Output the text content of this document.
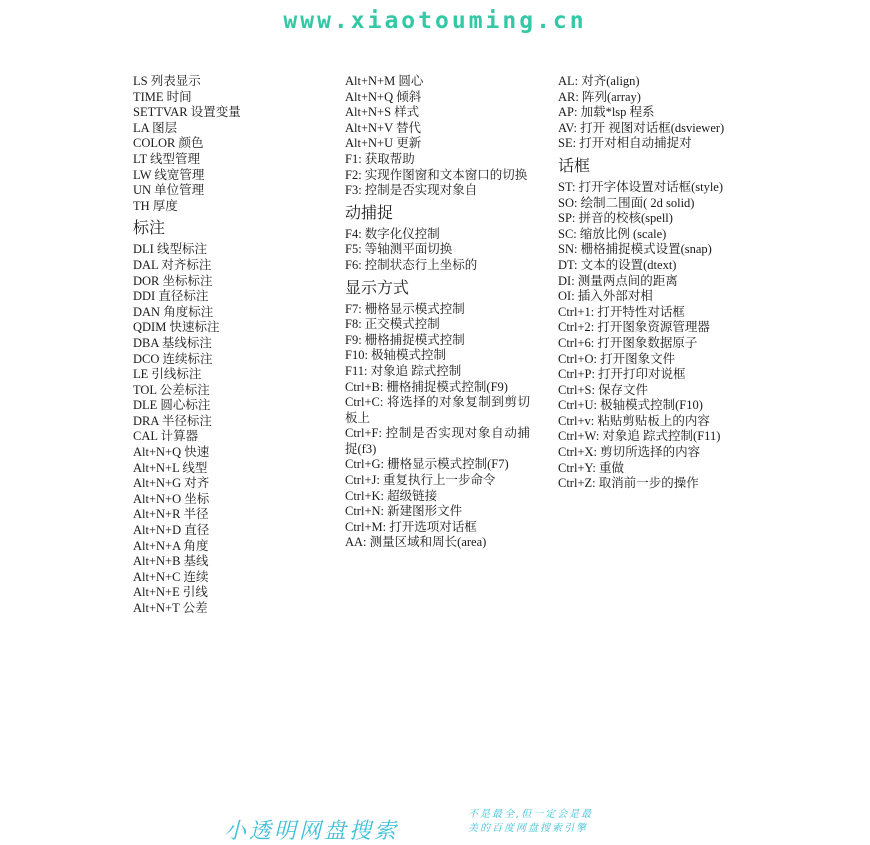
www.xiaotouming.cn
LS 列表显示
TIME 时间
SETTVAR 设置变量
LA 图层
COLOR 颜色
LT 线型管理
LW 线宽管理
UN 单位管理
TH 厚度
标注
DLI 线型标注
DAL 对齐标注
DOR 坐标标注
DDI 直径标注
DAN 角度标注
QDIM 快速标注
DBA 基线标注
DCO 连续标注
LE 引线标注
TOL 公差标注
DLE 圆心标注
DRA 半径标注
CAL 计算器
Alt+N+Q 快速
Alt+N+L 线型
Alt+N+G 对齐
Alt+N+O 坐标
Alt+N+R 半径
Alt+N+D 直径
Alt+N+A 角度
Alt+N+B 基线
Alt+N+C 连续
Alt+N+E 引线
Alt+N+T 公差
Alt+N+M 圆心
Alt+N+Q 倾斜
Alt+N+S 样式
Alt+N+V 替代
Alt+N+U 更新
F1: 获取帮助
F2: 实现作图窗和文本窗口的切换
F3: 控制是否实现对象自
动捕捉
F4: 数字化仪控制
F5: 等轴测平面切换
F6: 控制状态行上坐标的
显示方式
F7: 栅格显示模式控制
F8: 正交模式控制
F9: 栅格捕捉模式控制
F10: 极轴模式控制
F11: 对象追 踪式控制
Ctrl+B: 栅格捕捉模式控制(F9)
Ctrl+C: 将选择的对象复制到剪切板上
Ctrl+F: 控制是否实现对象自动捕捉(f3)
Ctrl+G: 栅格显示模式控制(F7)
Ctrl+J: 重复执行上一步命令
Ctrl+K: 超级链接
Ctrl+N: 新建图形文件
Ctrl+M: 打开选项对话框
AA: 测量区域和周长(area)
AL: 对齐(align)
AR: 阵列(array)
AP: 加载*lsp 程系
AV: 打开 视图对话框(dsviewer)
SE: 打开对相自动捕捉对
话框
ST: 打开字体设置对话框(style)
SO: 绘制二围面( 2d solid)
SP: 拼音的校核(spell)
SC: 缩放比例 (scale)
SN: 栅格捕捉模式设置(snap)
DT: 文本的设置(dtext)
DI: 测量两点间的距离
OI: 插入外部对相
Ctrl+1: 打开特性对话框
Ctrl+2: 打开图象资源管理器
Ctrl+6: 打开图象数据原子
Ctrl+O: 打开图象文件
Ctrl+P: 打开打印对说框
Ctrl+S: 保存文件
Ctrl+U: 极轴模式控制(F10)
Ctrl+v: 粘贴剪贴板上的内容
Ctrl+W: 对象追 踪式控制(F11)
Ctrl+X: 剪切所选择的内容
Ctrl+Y: 重做
Ctrl+Z: 取消前一步的操作
小透明网盘搜索
不是最全,但一定会是最
美的百度网盘搜索引擎
